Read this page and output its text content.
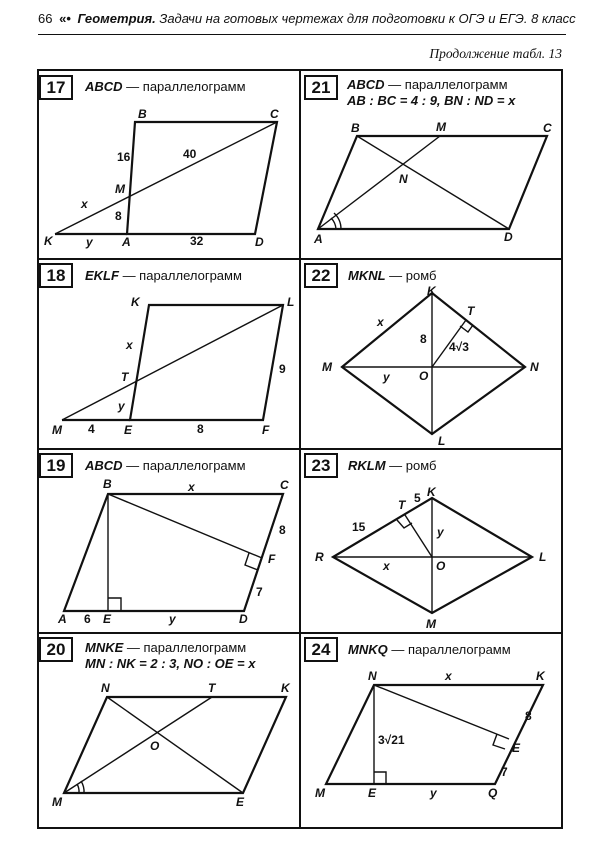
66 «• Геометрия. Задачи на готовых чертежах для подготовки к ОГЭ и ЕГЭ. 8 класс
Продолжение табл. 13
17	ABCD — параллелограмм
B	C
M
K	A	D
16	40
8
32
x
y
21	ABCD — параллелограмм
AB : BC = 4 : 9, BN : ND = x
B	M	C
N
A	D
18	EKLF — параллелограмм
K	L
T
M	E	F
x
y
9
4	8
22	MKNL — ромб
K
T
M	N
O
L
x
y
8
4√3
19	ABCD — параллелограмм
B	C
F
A	E	D
x
y
8
7
6
23	RKLM — ромб
K
T
R	L
O
M
x
y
15
5
20	MNKE — параллелограмм
MN : NK = 2 : 3, NO : OE = x
N	T	K
O
M	E
24	MNKQ — параллелограмм
N	K
E
M	E	Q
x
y
8
7
3√21
